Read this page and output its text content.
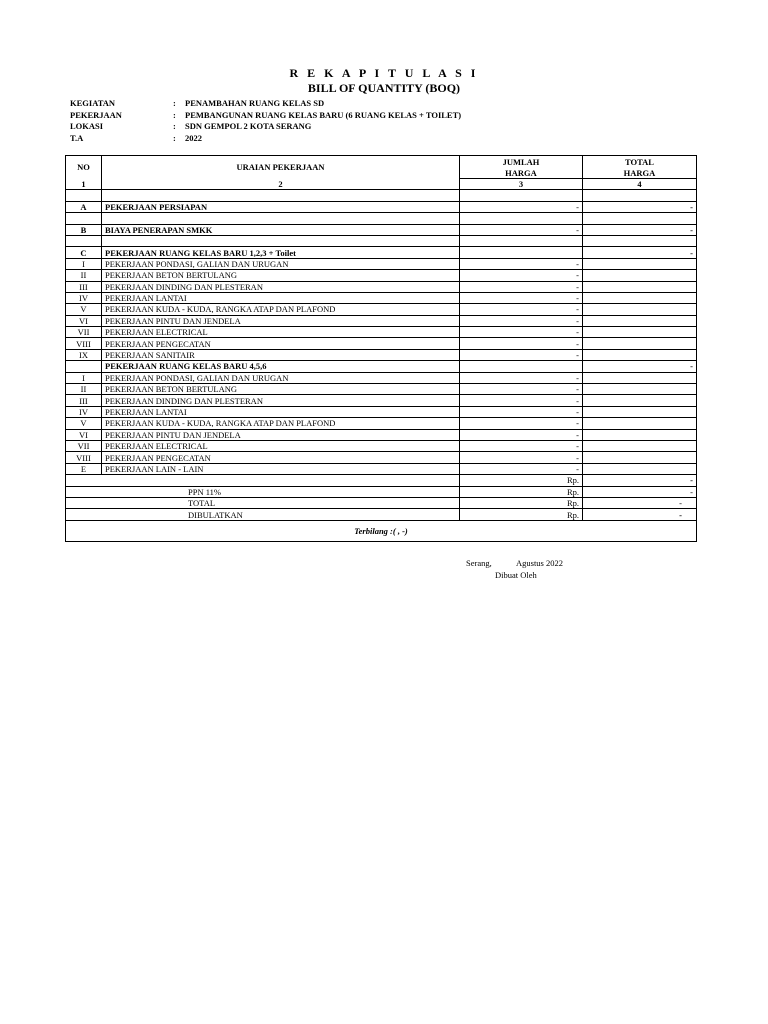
R E K A P I T U L A S I
BILL OF QUANTITY (BOQ)
KEGIATAN	: PENAMBAHAN RUANG KELAS SD
PEKERJAAN	: PEMBANGUNAN RUANG KELAS BARU (6 RUANG KELAS + TOILET)
LOKASI	: SDN GEMPOL 2 KOTA SERANG
T.A	: 2022
NO	URAIAN PEKERJAAN	JUMLAH	TOTAL
		HARGA	HARGA
1	2	3	4

A	PEKERJAAN PERSIAPAN	-	-

B	BIAYA PENERAPAN SMKK	-	-

C	PEKERJAAN RUANG KELAS BARU 1,2,3 + Toilet		-
I	PEKERJAAN PONDASI, GALIAN DAN URUGAN	-	
II	PEKERJAAN BETON BERTULANG	-	
III	PEKERJAAN DINDING DAN PLESTERAN	-	
IV	PEKERJAAN LANTAI	-	
V	PEKERJAAN KUDA - KUDA, RANGKA ATAP DAN PLAFOND	-	
VI	PEKERJAAN PINTU DAN JENDELA	-	
VII	PEKERJAAN ELECTRICAL	-	
VIII	PEKERJAAN PENGECATAN	-	
IX	PEKERJAAN SANITAIR	-	
	PEKERJAAN RUANG KELAS BARU 4,5,6		-
I	PEKERJAAN PONDASI, GALIAN DAN URUGAN	-	
II	PEKERJAAN BETON BERTULANG	-	
III	PEKERJAAN DINDING DAN PLESTERAN	-	
IV	PEKERJAAN LANTAI	-	
V	PEKERJAAN KUDA - KUDA, RANGKA ATAP DAN PLAFOND	-	
VI	PEKERJAAN PINTU DAN JENDELA	-	
VII	PEKERJAAN ELECTRICAL	-	
VIII	PEKERJAAN PENGECATAN	-	
E	PEKERJAAN LAIN - LAIN	-	
		Rp.	-
PPN 11%		Rp.	-
TOTAL		Rp.	-
DIBULATKAN		Rp.	-
Terbilang :( , -)			
Serang,	Agustus 2022
Dibuat Oleh
